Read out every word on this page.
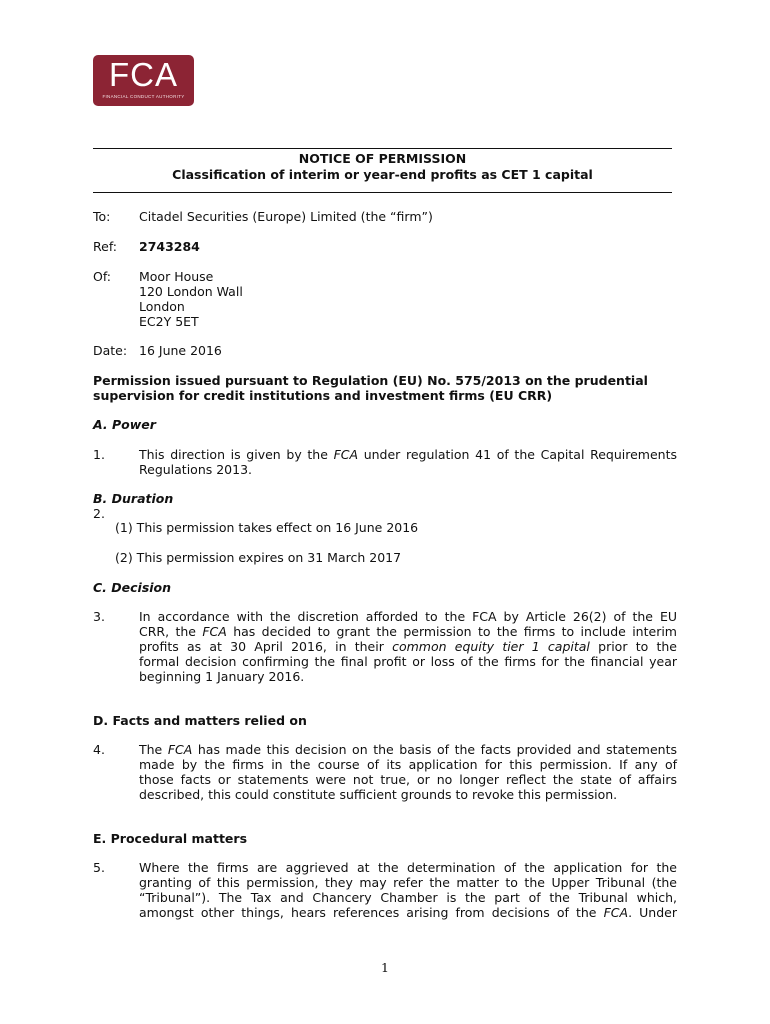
FCA
FINANCIAL CONDUCT AUTHORITY
NOTICE OF PERMISSION
Classification of interim or year-end profits as CET 1 capital
To: Citadel Securities (Europe) Limited (the “firm”)
Ref: 2743284
Of: Moor House
120 London Wall
London
EC2Y 5ET
Date: 16 June 2016
Permission issued pursuant to Regulation (EU) No. 575/2013 on the prudential
supervision for credit institutions and investment firms (EU CRR)
A. Power
1.	This direction is given by the FCA under regulation 41 of the Capital Requirements
Regulations 2013.
B. Duration
2.
(1) This permission takes effect on 16 June 2016
(2) This permission expires on 31 March 2017
C. Decision
3.	In accordance with the discretion afforded to the FCA by Article 26(2) of the EU
CRR, the FCA has decided to grant the permission to the firms to include interim
profits as at 30 April 2016, in their common equity tier 1 capital prior to the
formal decision confirming the final profit or loss of the firms for the financial year
beginning 1 January 2016.
D. Facts and matters relied on
4.	The FCA has made this decision on the basis of the facts provided and statements
made by the firms in the course of its application for this permission. If any of
those facts or statements were not true, or no longer reflect the state of affairs
described, this could constitute sufficient grounds to revoke this permission.
E. Procedural matters
5.	Where the firms are aggrieved at the determination of the application for the
granting of this permission, they may refer the matter to the Upper Tribunal (the
“Tribunal”). The Tax and Chancery Chamber is the part of the Tribunal which,
amongst other things, hears references arising from decisions of the FCA. Under
1
